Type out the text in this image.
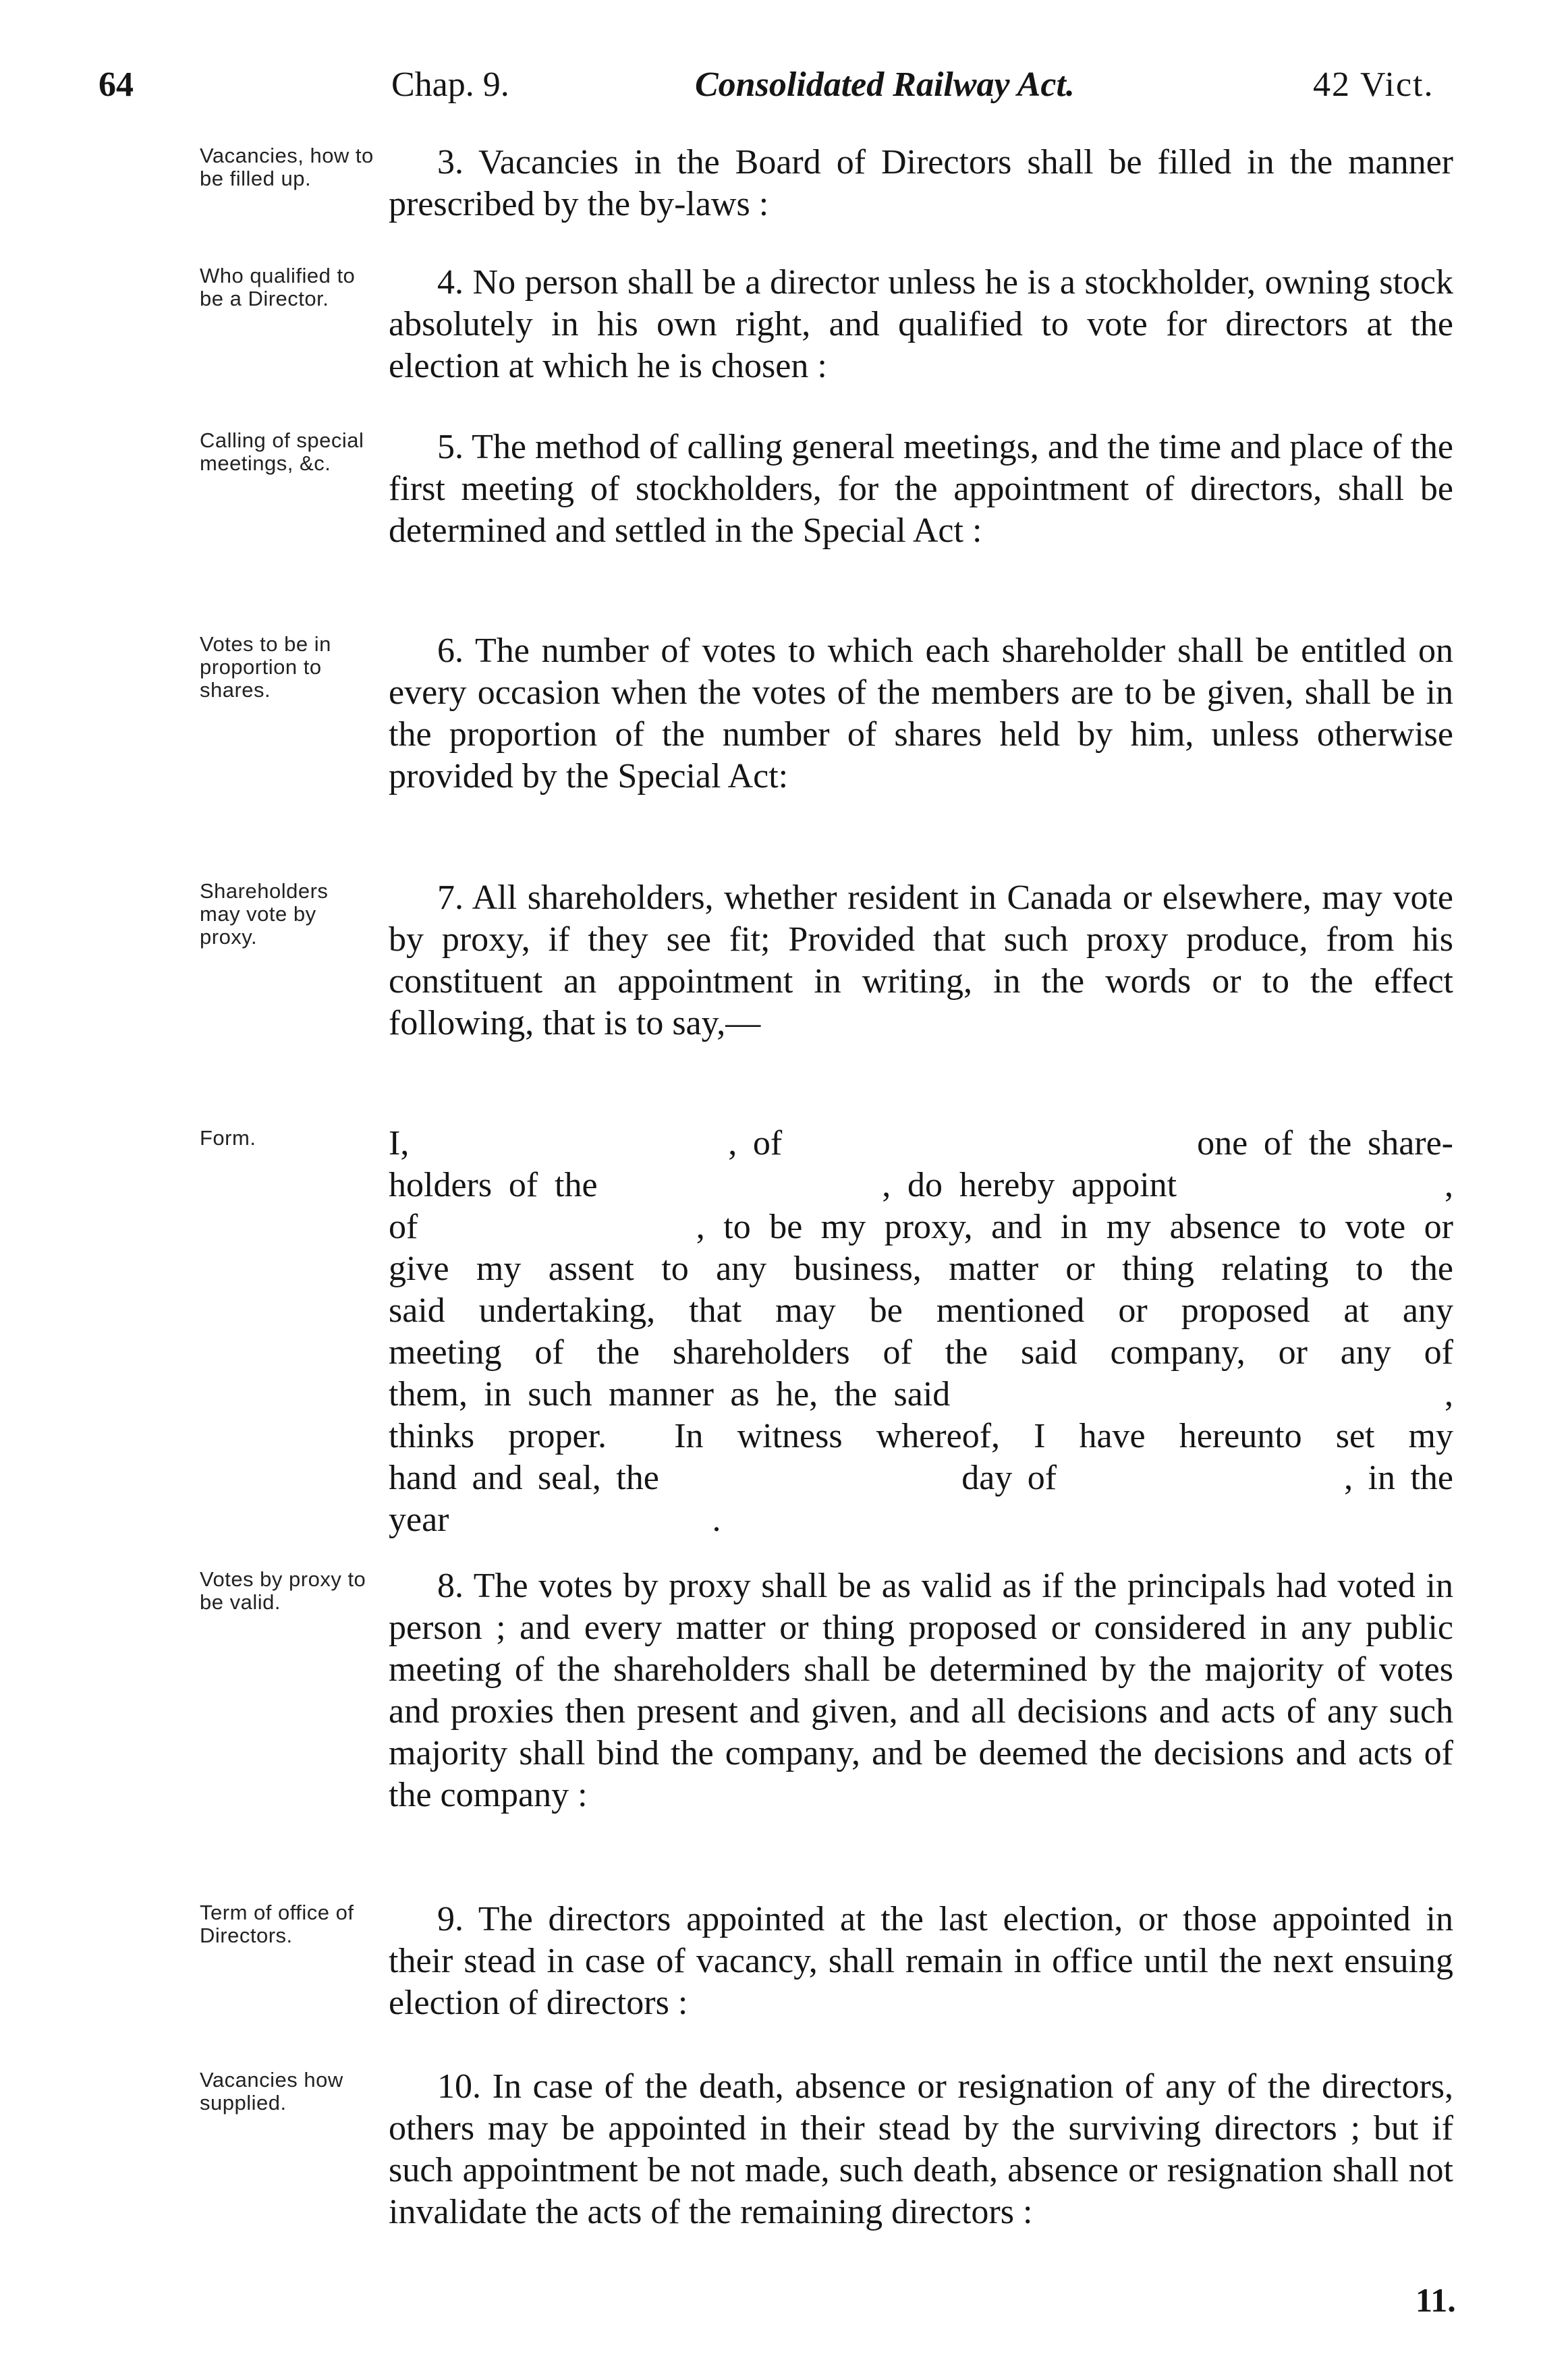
64	Chap. 9.	Consolidated Railway Act.	42 Vict.
Vacancies, how to be filled up.	3. Vacancies in the Board of Directors shall be filled in the manner prescribed by the by-laws :
Who qualified to be a Director.	4. No person shall be a director unless he is a stockholder, owning stock absolutely in his own right, and qualified to vote for directors at the election at which he is chosen :
Calling of special meetings, &c.	5. The method of calling general meetings, and the time and place of the first meeting of stockholders, for the appointment of directors, shall be determined and settled in the Special Act :
Votes to be in proportion to shares.
6. The number of votes to which each shareholder shall be entitled on every occasion when the votes of the members are to be given, shall be in the proportion of the number of shares held by him, unless otherwise provided by the Special Act:
Shareholders may vote by proxy.
7. All shareholders, whether resident in Canada or elsewhere, may vote by proxy, if they see fit; Provided that such proxy produce, from his constituent an appointment in writing, in the words or to the effect following, that is to say,—
Form.	I,                    , of                          one of the share-
holders of the                 , do hereby appoint                ,
of               , to be my proxy, and in my absence to vote or
give my assent to any business, matter or thing relating to the
said undertaking, that may be mentioned or proposed at any
meeting of the shareholders of the said company, or any of
them, in such manner as he, the said                              ,
thinks proper.  In witness whereof, I have hereunto set my
hand and seal, the                    day of                   , in the
year                              .
Votes by proxy to be valid.	8. The votes by proxy shall be as valid as if the principals had voted in person ; and every matter or thing proposed or considered in any public meeting of the shareholders shall be determined by the majority of votes and proxies then present and given, and all decisions and acts of any such majority shall bind the company, and be deemed the decisions and acts of the company :
Term of office of Directors.	9. The directors appointed at the last election, or those appointed in their stead in case of vacancy, shall remain in office until the next ensuing election of directors :
Vacancies how supplied.	10. In case of the death, absence or resignation of any of the directors, others may be appointed in their stead by the surviving directors ; but if such appointment be not made, such death, absence or resignation shall not invalidate the acts of the remaining directors :
11.
